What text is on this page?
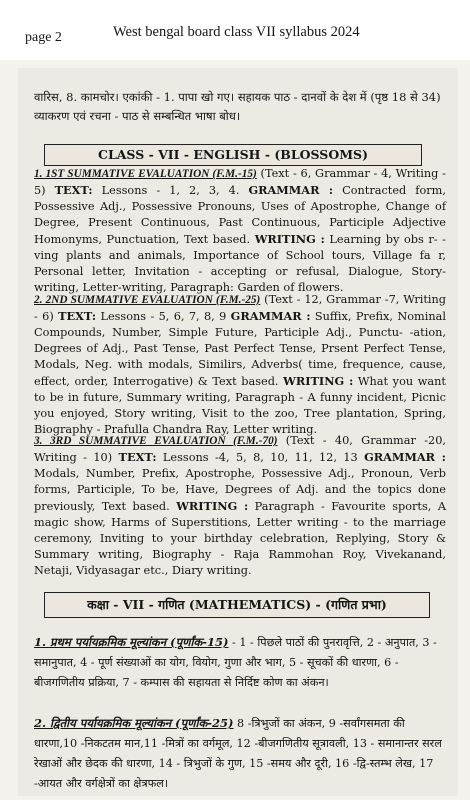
page 2	West bengal board class VII syllabus 2024
वारिस, 8. कामचोर। एकांकी - 1. पापा खो गए। सहायक पाठ - दानवों के देश में (पृष्ठ 18 से 34) व्याकरण एवं रचना - पाठ से सम्बन्धित भाषा बोध।
CLASS - VII - ENGLISH - (BLOSSOMS)
1. 1ST SUMMATIVE EVALUATION (F.M.-15) (Text - 6, Grammar - 4, Writing - 5) TEXT: Lessons - 1, 2, 3, 4. GRAMMAR : Contracted form, Possessive Adj., Possessive Pronouns, Uses of Apostrophe, Change of Degree, Present Continuous, Past Continuous, Participle Adjective Homonyms, Punctuation, Text based. WRITING : Learning by obs r- -ving plants and animals, Importance of School tours, Village fa r, Personal letter, Invitation - accepting or refusal, Dialogue, Story- writing, Letter-writing, Paragraph: Garden of flowers.
2. 2ND SUMMATIVE EVALUATION (F.M.-25) (Text - 12, Grammar -7, Writing - 6) TEXT: Lessons - 5, 6, 7, 8, 9 GRAMMAR : Suffix, Prefix, Nominal Compounds, Number, Simple Future, Participle Adj., Punctu- -ation, Degrees of Adj., Past Tense, Past Perfect Tense, Prsent Perfect Tense, Modals, Neg. with modals, Similirs, Adverbs( time, frequence, cause, effect, order, Interrogative) & Text based. WRITING : What you want to be in future, Summary writing, Paragraph - A funny incident, Picnic you enjoyed, Story writing, Visit to the zoo, Tree plantation, Spring, Biography - Prafulla Chandra Ray, Letter writing.
3. 3RD SUMMATIVE EVALUATION (F.M.-70) (Text - 40, Grammar -20, Writing - 10) TEXT: Lessons -4, 5, 8, 10, 11, 12, 13 GRAMMAR : Modals, Number, Prefix, Apostrophe, Possessive Adj., Pronoun, Verb forms, Participle, To be, Have, Degrees of Adj. and the topics done previously, Text based. WRITING : Paragraph - Favourite sports, A magic show, Harms of Superstitions, Letter writing - to the marriage ceremony, Inviting to your birthday celebration, Replying, Story & Summary writing, Biography - Raja Rammohan Roy, Vivekanand, Netaji, Vidyasagar etc., Diary writing.
कक्षा - VII - गणित (MATHEMATICS) - (गणित प्रभा)
1. प्रथम पर्यायक्रमिक मूल्यांकन (पूर्णांक-15) - 1 - पिछले पाठों की पुनरावृत्ति, 2 - अनुपात, 3 - समानुपात, 4 - पूर्ण संख्याओं का योग, वियोग, गुणा और भाग, 5 - सूचकों की धारणा, 6 - बीजगणितीय प्रक्रिया, 7 - कम्पास की सहायता से निर्दिष्ट कोण का अंकन।
2. द्वितीय पर्यायक्रमिक मूल्यांकन (पूर्णांक-25) 8 -त्रिभुजों का अंकन, 9 -सर्वांगसमता की धारणा,10 -निकटतम मान,11 -मित्रों का वर्गमूल, 12 -बीजगणितीय सूत्रावली, 13 - समानान्तर सरल रेखाओं और छेदक की धारणा, 14 - त्रिभुजों के गुण, 15 -समय और दूरी, 16 -द्वि-स्तम्भ लेख, 17 -आयत और वर्गक्षेत्रों का क्षेत्रफल।
